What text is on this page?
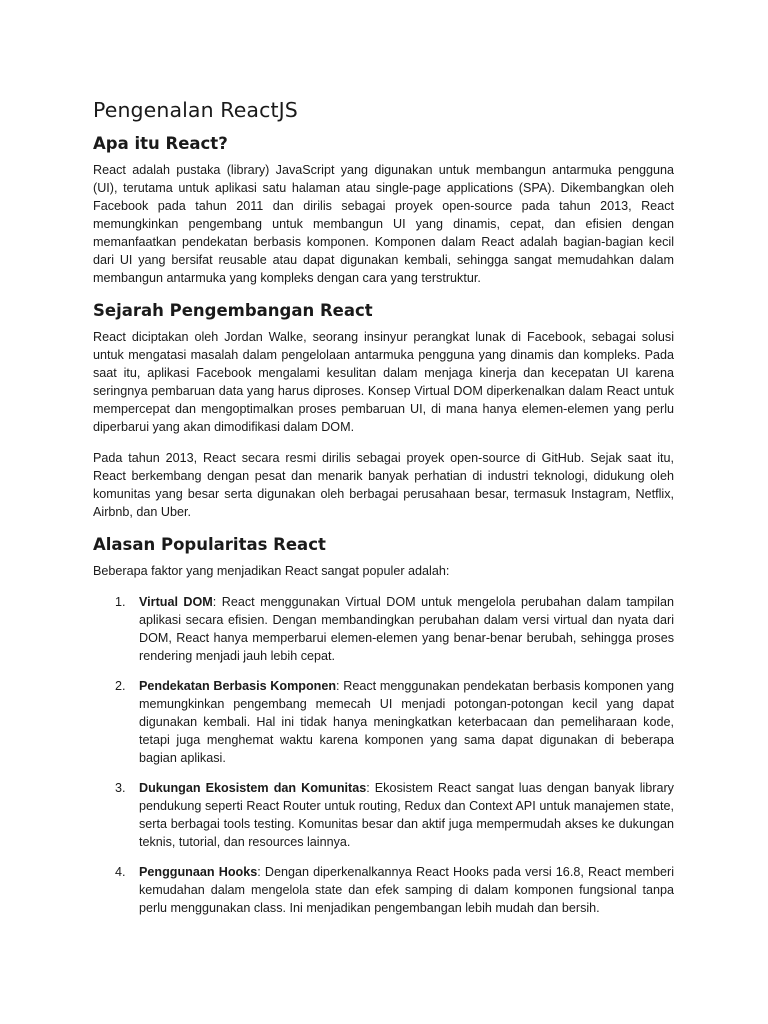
Pengenalan ReactJS
Apa itu React?

React adalah pustaka (library) JavaScript yang digunakan untuk membangun antarmuka pengguna (UI), terutama untuk aplikasi satu halaman atau single-page applications (SPA). Dikembangkan oleh Facebook pada tahun 2011 dan dirilis sebagai proyek open-source pada tahun 2013, React memungkinkan pengembang untuk membangun UI yang dinamis, cepat, dan efisien dengan memanfaatkan pendekatan berbasis komponen. Komponen dalam React adalah bagian-bagian kecil dari UI yang bersifat reusable atau dapat digunakan kembali, sehingga sangat memudahkan dalam membangun antarmuka yang kompleks dengan cara yang terstruktur.

Sejarah Pengembangan React

React diciptakan oleh Jordan Walke, seorang insinyur perangkat lunak di Facebook, sebagai solusi untuk mengatasi masalah dalam pengelolaan antarmuka pengguna yang dinamis dan kompleks. Pada saat itu, aplikasi Facebook mengalami kesulitan dalam menjaga kinerja dan kecepatan UI karena seringnya pembaruan data yang harus diproses. Konsep Virtual DOM diperkenalkan dalam React untuk mempercepat dan mengoptimalkan proses pembaruan UI, di mana hanya elemen-elemen yang perlu diperbarui yang akan dimodifikasi dalam DOM.

Pada tahun 2013, React secara resmi dirilis sebagai proyek open-source di GitHub. Sejak saat itu, React berkembang dengan pesat dan menarik banyak perhatian di industri teknologi, didukung oleh komunitas yang besar serta digunakan oleh berbagai perusahaan besar, termasuk Instagram, Netflix, Airbnb, dan Uber.

Alasan Popularitas React

Beberapa faktor yang menjadikan React sangat populer adalah:

1. Virtual DOM: React menggunakan Virtual DOM untuk mengelola perubahan dalam tampilan aplikasi secara efisien. Dengan membandingkan perubahan dalam versi virtual dan nyata dari DOM, React hanya memperbarui elemen-elemen yang benar-benar berubah, sehingga proses rendering menjadi jauh lebih cepat.
2. Pendekatan Berbasis Komponen: React menggunakan pendekatan berbasis komponen yang memungkinkan pengembang memecah UI menjadi potongan-potongan kecil yang dapat digunakan kembali. Hal ini tidak hanya meningkatkan keterbacaan dan pemeliharaan kode, tetapi juga menghemat waktu karena komponen yang sama dapat digunakan di beberapa bagian aplikasi.
3. Dukungan Ekosistem dan Komunitas: Ekosistem React sangat luas dengan banyak library pendukung seperti React Router untuk routing, Redux dan Context API untuk manajemen state, serta berbagai tools testing. Komunitas besar dan aktif juga mempermudah akses ke dukungan teknis, tutorial, dan resources lainnya.
4. Penggunaan Hooks: Dengan diperkenalkannya React Hooks pada versi 16.8, React memberi kemudahan dalam mengelola state dan efek samping di dalam komponen fungsional tanpa perlu menggunakan class. Ini menjadikan pengembangan lebih mudah dan bersih.
